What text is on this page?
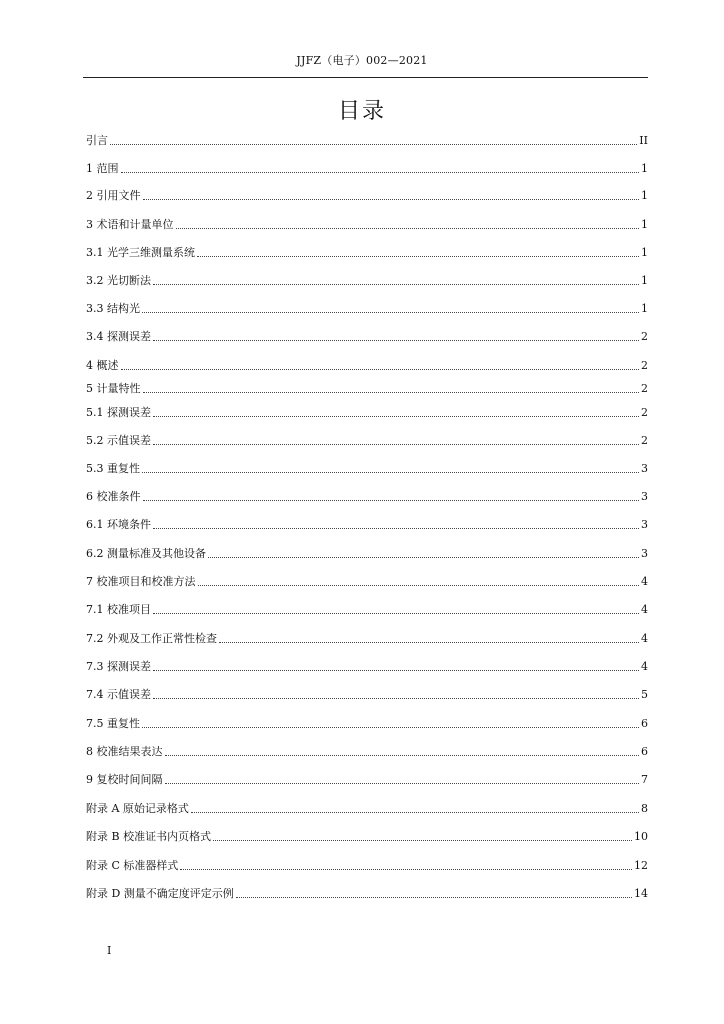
JJFZ（电子）002—2021
目录
引言	II
1 范围	1
2 引用文件	1
3 术语和计量单位	1
3.1 光学三维测量系统	1
3.2 光切断法	1
3.3 结构光	1
3.4 探测误差	2
4 概述	2
5 计量特性	2
5.1 探测误差	2
5.2 示值误差	2
5.3 重复性	3
6 校准条件	3
6.1 环境条件	3
6.2 测量标准及其他设备	3
7 校准项目和校准方法	4
7.1 校准项目	4
7.2 外观及工作正常性检查	4
7.3 探测误差	4
7.4 示值误差	5
7.5 重复性	6
8 校准结果表达	6
9 复校时间间隔	7
附录 A 原始记录格式	8
附录 B 校准证书内页格式	10
附录 C 标准器样式	12
附录 D 测量不确定度评定示例	14
I
